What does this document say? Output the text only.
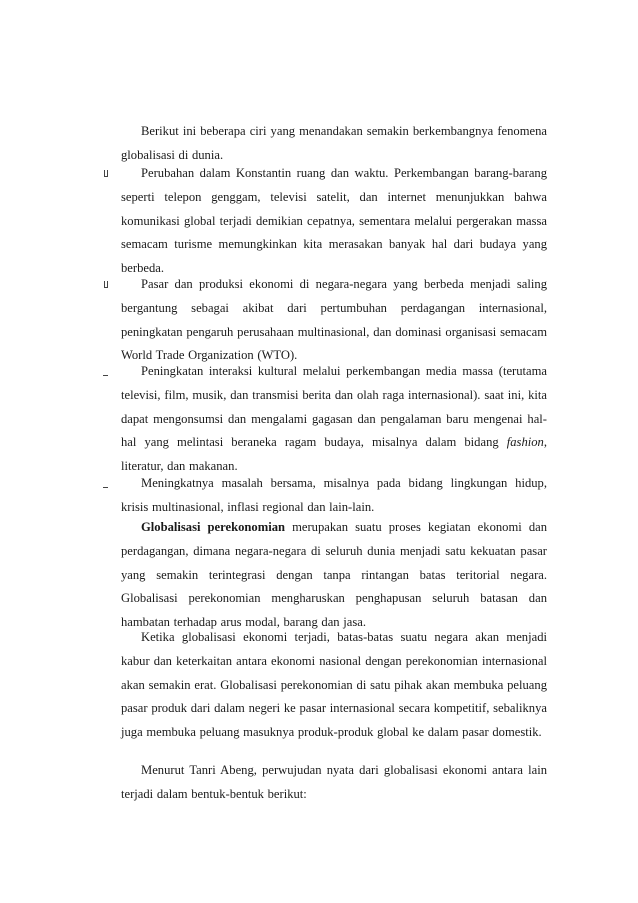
Berikut ini beberapa ciri yang menandakan semakin berkembangnya fenomena globalisasi di dunia.

Perubahan dalam Konstantin ruang dan waktu. Perkembangan barang-barang seperti telepon genggam, televisi satelit, dan internet menunjukkan bahwa komunikasi global terjadi demikian cepatnya, sementara melalui pergerakan massa semacam turisme memungkinkan kita merasakan banyak hal dari budaya yang berbeda.

Pasar dan produksi ekonomi di negara-negara yang berbeda menjadi saling bergantung sebagai akibat dari pertumbuhan perdagangan internasional, peningkatan pengaruh perusahaan multinasional, dan dominasi organisasi semacam World Trade Organization (WTO).

Peningkatan interaksi kultural melalui perkembangan media massa (terutama televisi, film, musik, dan transmisi berita dan olah raga internasional). saat ini, kita dapat mengonsumsi dan mengalami gagasan dan pengalaman baru mengenai hal-hal yang melintasi beraneka ragam budaya, misalnya dalam bidang fashion, literatur, dan makanan.

Meningkatnya masalah bersama, misalnya pada bidang lingkungan hidup, krisis multinasional, inflasi regional dan lain-lain.

Globalisasi perekonomian merupakan suatu proses kegiatan ekonomi dan perdagangan, dimana negara-negara di seluruh dunia menjadi satu kekuatan pasar yang semakin terintegrasi dengan tanpa rintangan batas teritorial negara. Globalisasi perekonomian mengharuskan penghapusan seluruh batasan dan hambatan terhadap arus modal, barang dan jasa.

Ketika globalisasi ekonomi terjadi, batas-batas suatu negara akan menjadi kabur dan keterkaitan antara ekonomi nasional dengan perekonomian internasional akan semakin erat. Globalisasi perekonomian di satu pihak akan membuka peluang pasar produk dari dalam negeri ke pasar internasional secara kompetitif, sebaliknya juga membuka peluang masuknya produk-produk global ke dalam pasar domestik.

Menurut Tanri Abeng, perwujudan nyata dari globalisasi ekonomi antara lain terjadi dalam bentuk-bentuk berikut:
